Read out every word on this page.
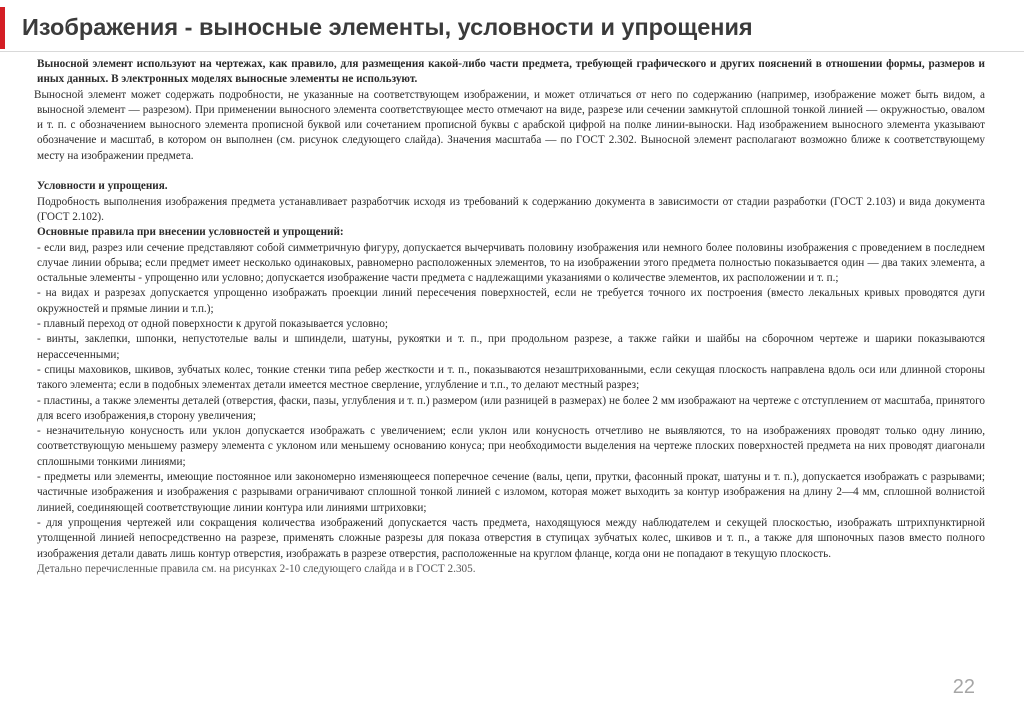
Изображения - выносные элементы, условности и упрощения

Выносной элемент используют на чертежах, как правило, для размещения какой-либо части предмета, требующей графического и других пояснений в отношении формы, размеров и иных данных. В электронных моделях выносные элементы не используют.

Выносной элемент может содержать подробности, не указанные на соответствующем изображении, и может отличаться от него по содержанию (например, изображение может быть видом, а выносной элемент — разрезом). При применении выносного элемента соответствующее место отмечают на виде, разрезе или сечении замкнутой сплошной тонкой линией — окружностью, овалом и т. п. с обозначением выносного элемента прописной буквой или сочетанием прописной буквы с арабской цифрой на полке линии-выноски. Над изображением выносного элемента указывают обозначение и масштаб, в котором он выполнен (см. рисунок следующего слайда). Значения масштаба — по ГОСТ 2.302. Выносной элемент располагают возможно ближе к соответствующему месту на изображении предмета.

Условности и упрощения.

Подробность выполнения изображения предмета устанавливает разработчик исходя из требований к содержанию документа в зависимости от стадии разработки (ГОСТ 2.103) и вида документа (ГОСТ 2.102).

Основные правила при внесении условностей и упрощений:

- если вид, разрез или сечение представляют собой симметричную фигуру, допускается вычерчивать половину изображения или немного более половины изображения с проведением в последнем случае линии обрыва; если предмет имеет несколько одинаковых, равномерно расположенных элементов, то на изображении этого предмета полностью показывается один — два таких элемента, а остальные элементы - упрощенно или условно; допускается изображение части предмета с надлежащими указаниями о количестве элементов, их расположении и т. п.;

- на видах и разрезах допускается упрощенно изображать проекции линий пересечения поверхностей, если не требуется точного их построения (вместо лекальных кривых проводятся дуги окружностей и прямые линии и т.п.);

- плавный переход от одной поверхности к другой показывается условно;

- винты, заклепки, шпонки, непустотелые валы и шпиндели, шатуны, рукоятки и т. п., при продольном разрезе, а также гайки и шайбы на сборочном чертеже и шарики показываются нерассеченными;

- спицы маховиков, шкивов, зубчатых колес, тонкие стенки типа ребер жесткости и т. п., показываются незаштрихованными, если секущая плоскость направлена вдоль оси или длинной стороны такого элемента; если в подобных элементах детали имеется местное сверление, углубление и т.п., то делают местный разрез;

- пластины, а также элементы деталей (отверстия, фаски, пазы, углубления и т. п.) размером (или разницей в размерах) не более 2 мм изображают на чертеже с отступлением от масштаба, принятого для всего изображения,в сторону увеличения;

- незначительную конусность или уклон допускается изображать с увеличением; если уклон или конусность отчетливо не выявляются, то на изображениях проводят только одну линию, соответствующую меньшему размеру элемента с уклоном или меньшему основанию конуса; при необходимости выделения на чертеже плоских поверхностей предмета на них проводят диагонали сплошными тонкими линиями;

- предметы или элементы, имеющие постоянное или закономерно изменяющееся поперечное сечение (валы, цепи, прутки, фасонный прокат, шатуны и т. п.), допускается изображать с разрывами; частичные изображения и изображения с разрывами ограничивают сплошной тонкой линией с изломом, которая может выходить за контур изображения на длину 2—4 мм, сплошной волнистой линией, соединяющей соответствующие линии контура или линиями штриховки;

- для упрощения чертежей или сокращения количества изображений допускается часть предмета, находящуюся между наблюдателем и секущей плоскостью, изображать штрихпунктирной утолщенной линией непосредственно на разрезе, применять сложные разрезы для показа отверстия в ступицах зубчатых колес, шкивов и т. п., а также для шпоночных пазов вместо полного изображения детали давать лишь контур отверстия, изображать в разрезе отверстия, расположенные на круглом фланце, когда они не попадают в текущую плоскость.

Детально перечисленные правила см. на рисунках 2-10 следующего слайда и в ГОСТ 2.305.

22
